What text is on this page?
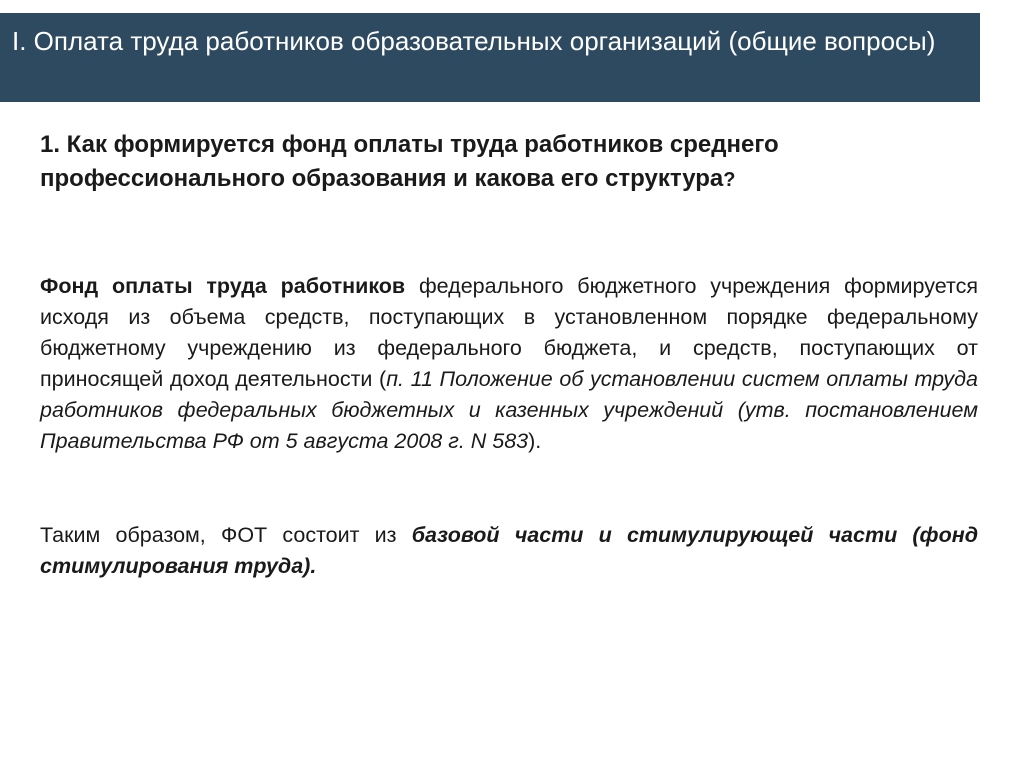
I. Оплата труда работников образовательных организаций (общие вопросы)
1. Как формируется фонд оплаты труда работников среднего профессионального образования и какова его структура?

Фонд оплаты труда работников федерального бюджетного учреждения формируется исходя из объема средств, поступающих в установленном порядке федеральному бюджетному учреждению из федерального бюджета, и средств, поступающих от приносящей доход деятельности (п. 11 Положение об установлении систем оплаты труда работников федеральных бюджетных и казенных учреждений (утв. постановлением Правительства РФ от 5 августа 2008 г. N 583).

Таким образом, ФОТ состоит из базовой части и стимулирующей части (фонд стимулирования труда).
